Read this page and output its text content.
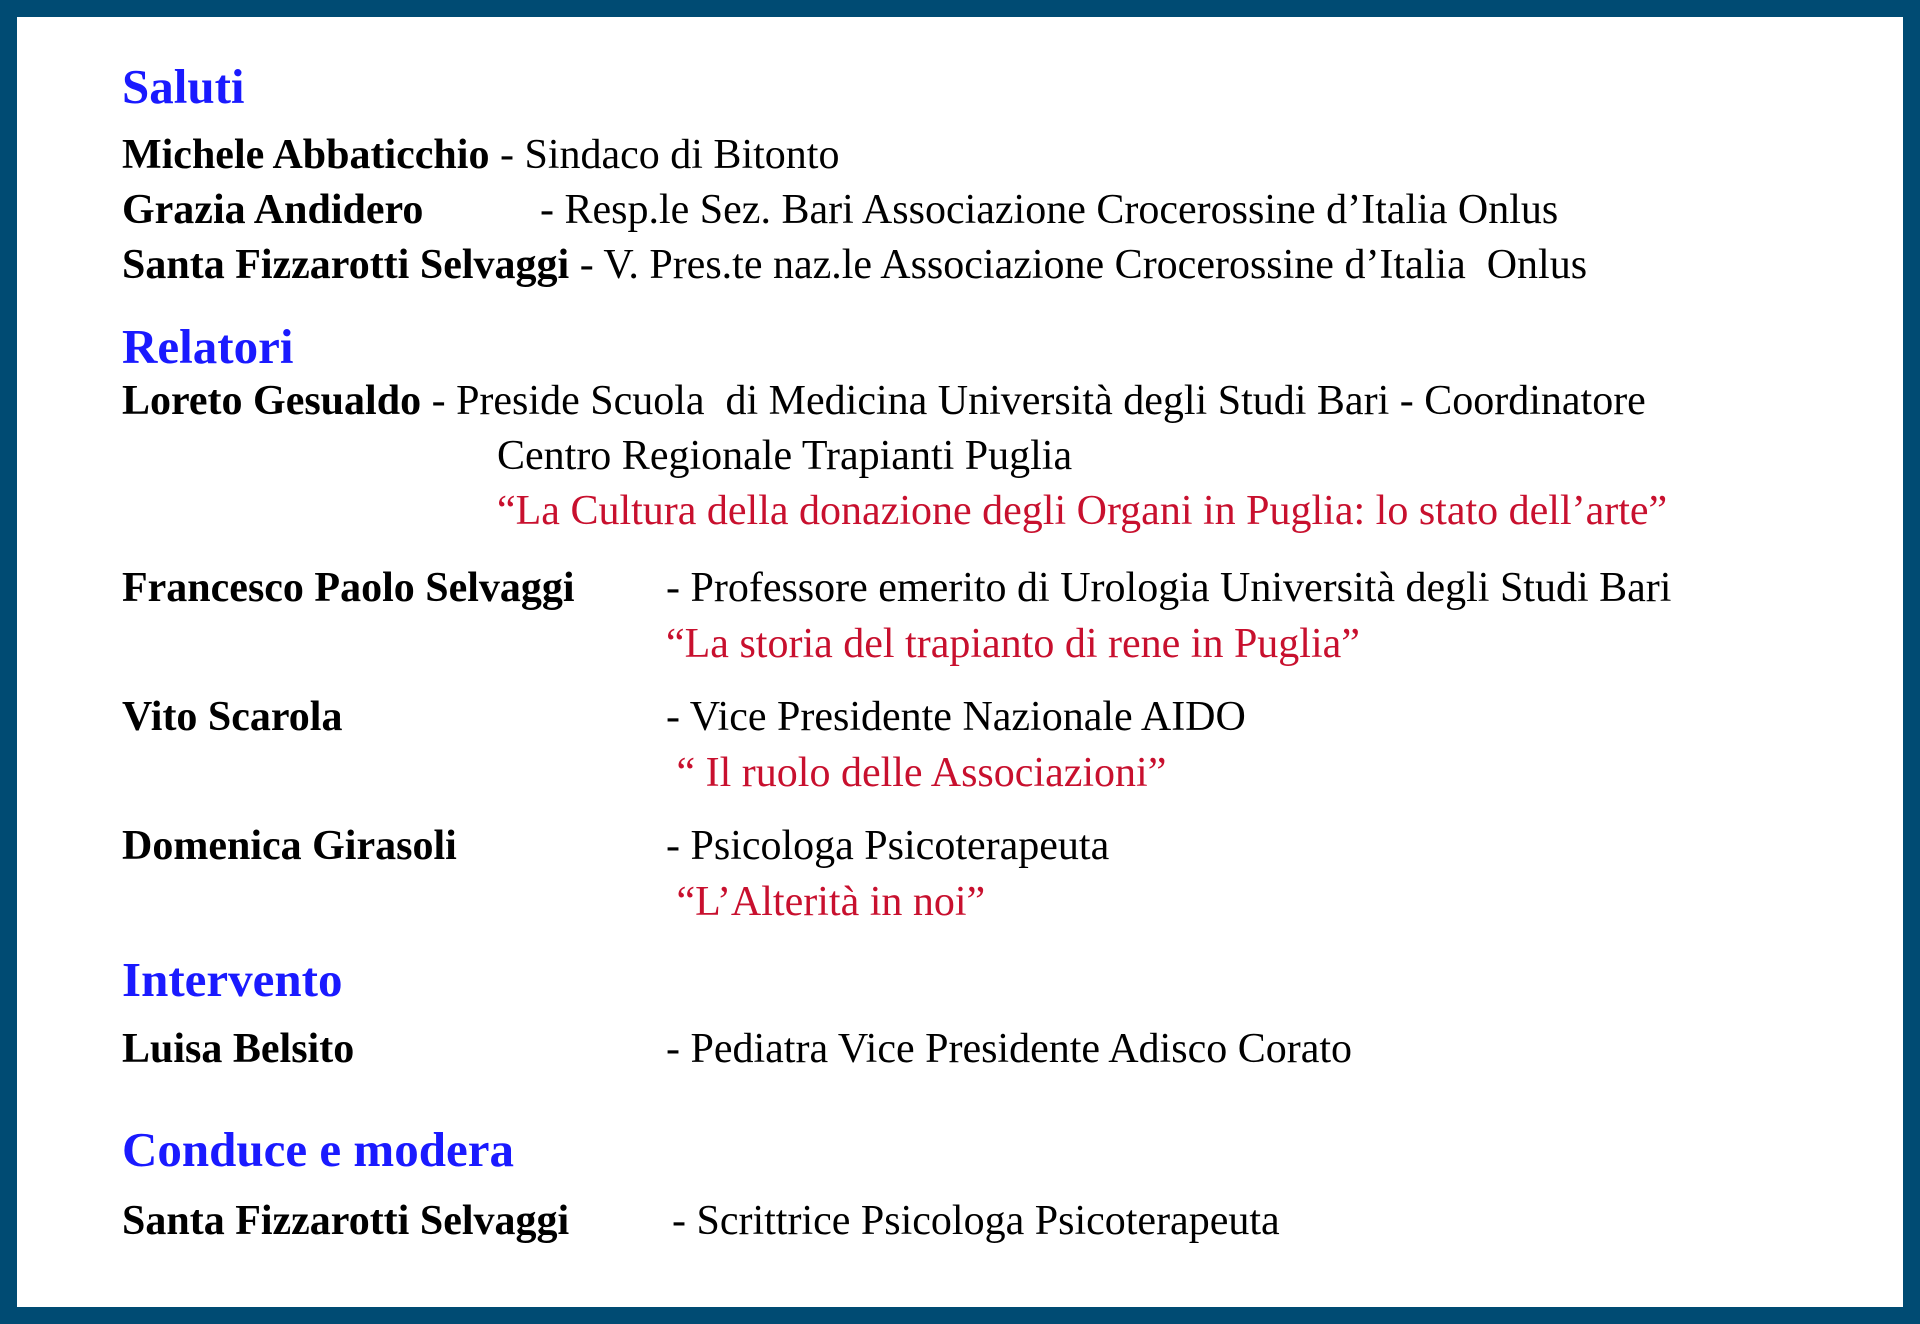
Saluti
Michele Abbaticchio - Sindaco di Bitonto
Grazia Andidero	- Resp.le Sez. Bari Associazione Crocerossine d’Italia Onlus
Santa Fizzarotti Selvaggi - V. Pres.te naz.le Associazione Crocerossine d’Italia  Onlus
Relatori
Loreto Gesualdo - Preside Scuola  di Medicina Università degli Studi Bari - Coordinatore
Centro Regionale Trapianti Puglia
“La Cultura della donazione degli Organi in Puglia: lo stato dell’arte”
Francesco Paolo Selvaggi - Professore emerito di Urologia Università degli Studi Bari
“La storia del trapianto di rene in Puglia”
Vito Scarola	- Vice Presidente Nazionale AIDO
“ Il ruolo delle Associazioni”
Domenica Girasoli	- Psicologa Psicoterapeuta
“L’Alterità in noi”
Intervento
Luisa Belsito	- Pediatra Vice Presidente Adisco Corato
Conduce e modera
Santa Fizzarotti Selvaggi - Scrittrice Psicologa Psicoterapeuta
